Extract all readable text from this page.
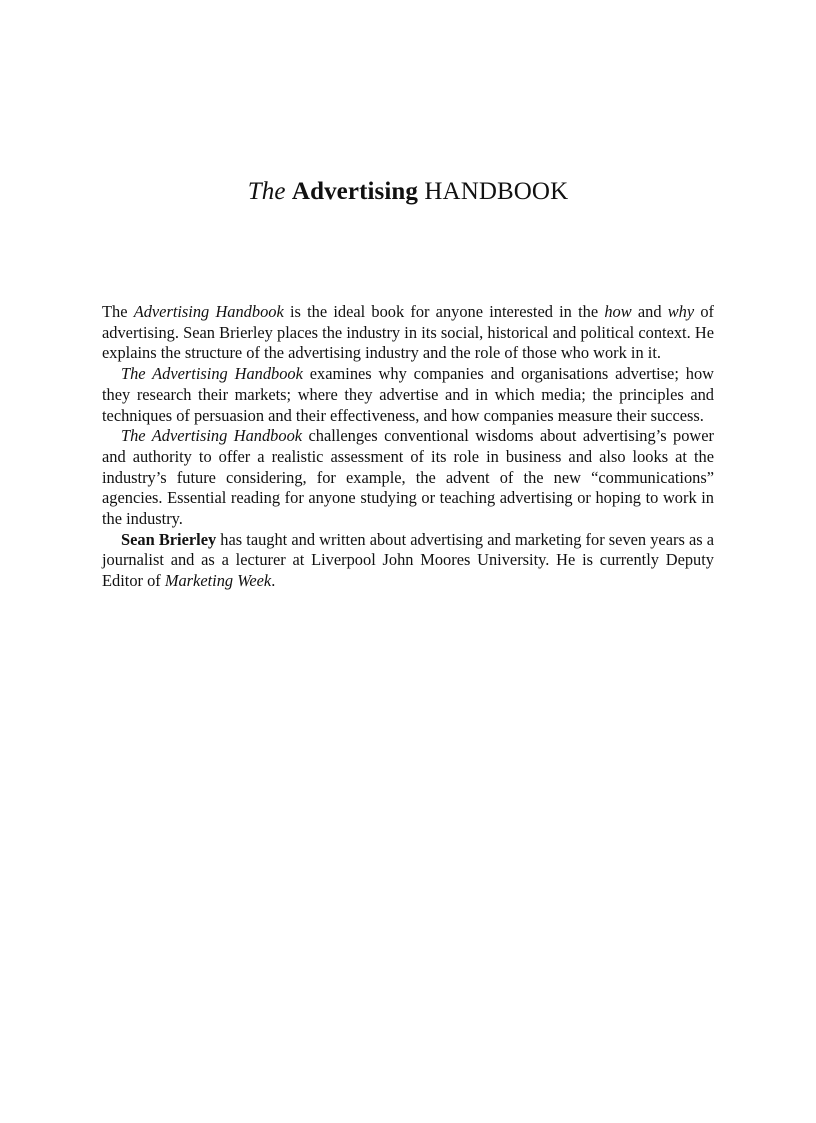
The Advertising HANDBOOK

The Advertising Handbook is the ideal book for anyone interested in the how and why of advertising. Sean Brierley places the industry in its social, historical and political context. He explains the structure of the advertising industry and the role of those who work in it.

The Advertising Handbook examines why companies and organisations advertise; how they research their markets; where they advertise and in which media; the principles and techniques of persuasion and their effectiveness, and how companies measure their success.

The Advertising Handbook challenges conventional wisdoms about advertising’s power and authority to offer a realistic assessment of its role in business and also looks at the industry’s future considering, for example, the advent of the new “communications” agencies. Essential reading for anyone studying or teaching advertising or hoping to work in the industry.

Sean Brierley has taught and written about advertising and marketing for seven years as a journalist and as a lecturer at Liverpool John Moores University. He is currently Deputy Editor of Marketing Week.
